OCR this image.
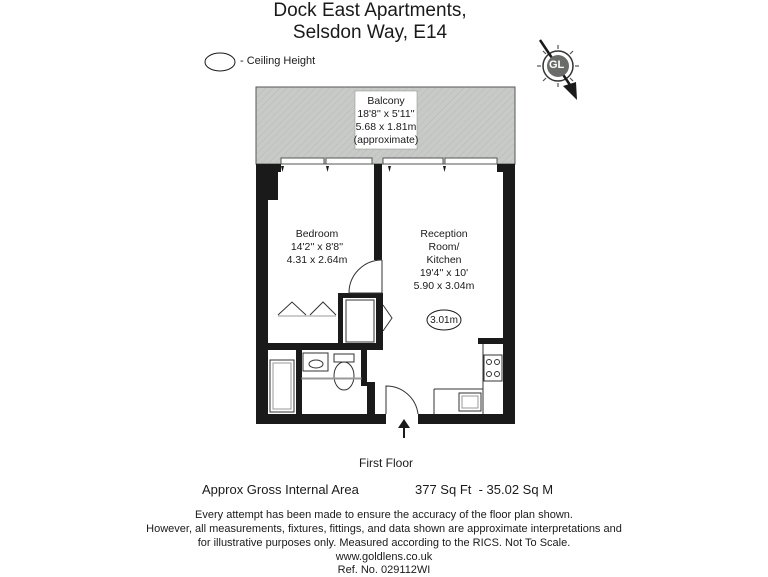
Dock East Apartments,
Selsdon Way, E14
- Ceiling Height
Balcony
18'8'' x 5'11''
5.68 x 1.81m
(approximate)
Bedroom
14'2'' x 8'8''
4.31 x 2.64m
Reception
Room/
Kitchen
19'4'' x 10'
5.90 x 3.04m
3.01m
First Floor
Approx Gross Internal Area	377 Sq Ft  - 35.02 Sq M
Every attempt has been made to ensure the accuracy of the floor plan shown.
However, all measurements, fixtures, fittings, and data shown are approximate interpretations and
for illustrative purposes only. Measured according to the RICS. Not To Scale.
www.goldlens.co.uk
Ref. No. 029112WI
GL
